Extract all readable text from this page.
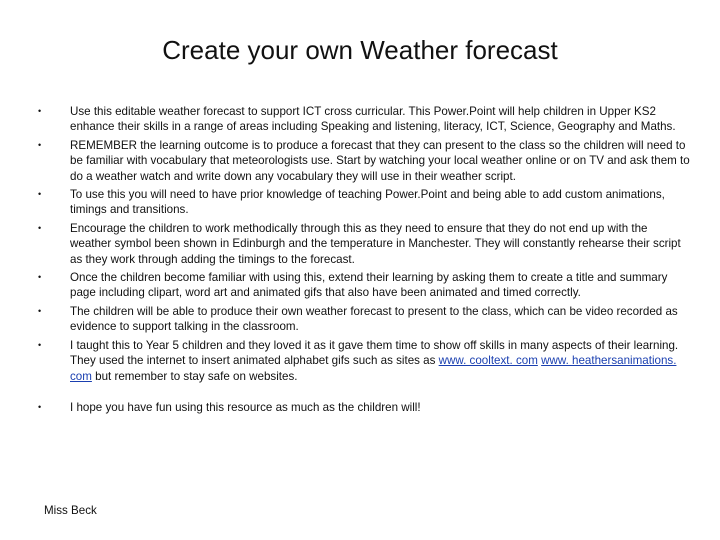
Create your own Weather forecast
•	Use this editable weather forecast to support ICT cross curricular. This Power.Point will help children in Upper KS2 enhance their skills in a range of areas including Speaking and listening, literacy, ICT, Science, Geography and Maths.
•	REMEMBER the learning outcome is to produce a forecast that they can present to the class so the children will need to be familiar with vocabulary that meteorologists use. Start by watching your local weather online or on TV and ask them to do a weather watch and write down any vocabulary they will use in their weather script.
•	To use this you will need to have prior knowledge of teaching Power.Point and being able to add custom animations, timings and transitions.
•	Encourage the children to work methodically through this as they need to ensure that they do not end up with the weather symbol been shown in Edinburgh and the temperature in Manchester. They will constantly rehearse their script as they work through adding the timings to the forecast.
•	Once the children become familiar with using this, extend their learning by asking them to create a title and summary page including clipart, word art and animated gifs that also have been animated and timed correctly.
•	The children will be able to produce their own weather forecast to present to the class, which can be video recorded as evidence to support talking in the classroom.
•	I taught this to Year 5 children and they loved it as it gave them time to show off skills in many aspects of their learning. They used the internet to insert animated alphabet gifs such as sites as www. cooltext. com www. heathersanimations. com but remember to stay safe on websites.
•	I hope you have fun using this resource as much as the children will!
Miss Beck
